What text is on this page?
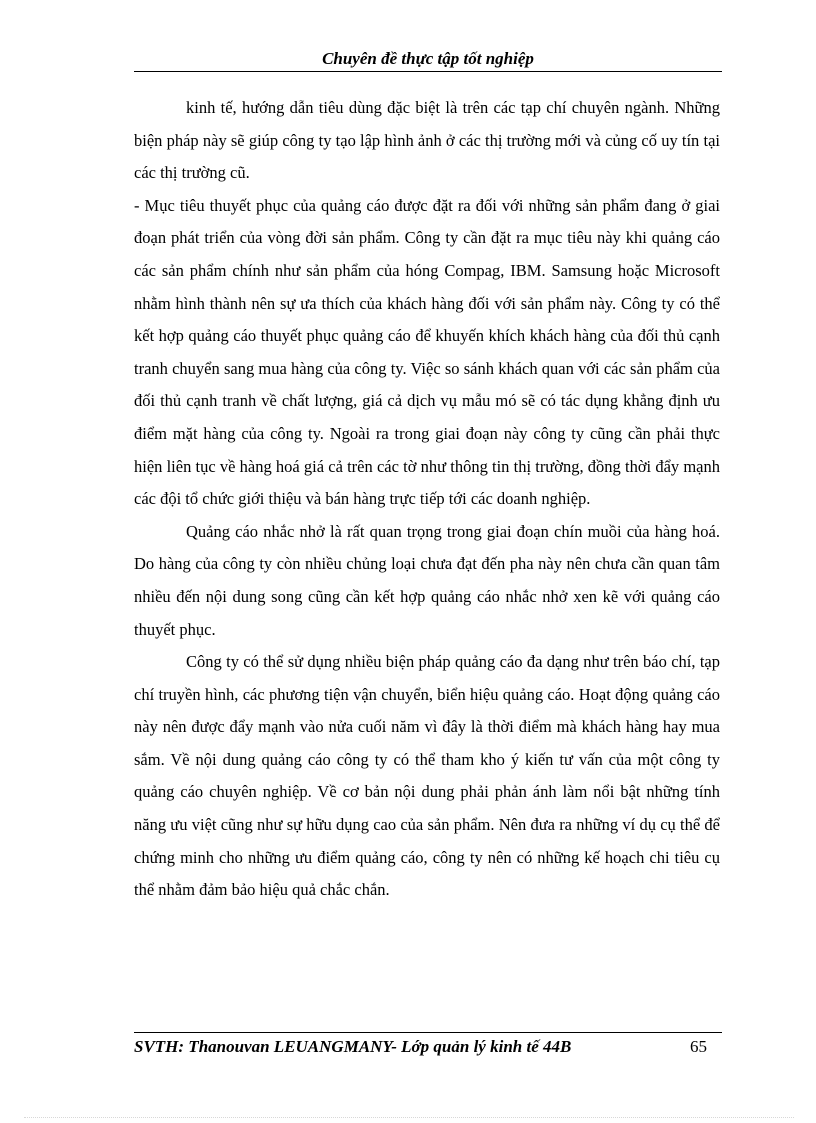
Chuyên đề thực tập tốt nghiệp

kinh tế, hướng dẫn tiêu dùng đặc biệt là trên các tạp chí chuyên ngành. Những biện pháp này sẽ giúp công ty tạo lập hình ảnh ở các thị trường mới và củng cố uy tín tại các thị trường cũ.

- Mục tiêu thuyết phục của quảng cáo được đặt ra đối với những sản phẩm đang ở giai đoạn phát triển của vòng đời sản phẩm. Công ty cần đặt ra mục tiêu này khi quảng cáo các sản phẩm chính như sản phẩm của hóng Compag, IBM. Samsung hoặc Microsoft nhằm hình thành nên sự ưa thích của khách hàng đối với sản phẩm này. Công ty có thể kết hợp quảng cáo thuyết phục quảng cáo để khuyến khích khách hàng của đối thủ cạnh tranh chuyển sang mua hàng của công ty. Việc so sánh khách quan với các sản phẩm của đối thủ cạnh tranh về chất lượng, giá cả dịch vụ mẫu mó sẽ có tác dụng khẳng định ưu điểm mặt hàng của công ty. Ngoài ra trong giai đoạn này công ty cũng cần phải thực hiện liên tục về hàng hoá giá cả trên các tờ như thông tin thị trường, đồng thời đẩy mạnh các đội tổ chức giới thiệu và bán hàng trực tiếp tới các doanh nghiệp.

Quảng cáo nhắc nhở là rất quan trọng trong giai đoạn chín muồi của hàng hoá. Do hàng của công ty còn nhiều chủng loại chưa đạt đến pha này nên chưa cần quan tâm nhiều đến nội dung song cũng cần kết hợp quảng cáo nhắc nhở xen kẽ với quảng cáo thuyết phục.

Công ty có thể sử dụng nhiều biện pháp quảng cáo đa dạng như trên báo chí, tạp chí truyền hình, các phương tiện vận chuyển, biển hiệu quảng cáo. Hoạt động quảng cáo này nên được đẩy mạnh vào nửa cuối năm vì đây là thời điểm mà khách hàng hay mua sắm. Về nội dung quảng cáo công ty có thể tham kho ý kiến tư vấn của một công ty quảng cáo chuyên nghiệp. Về cơ bản nội dung phải phản ánh làm nổi bật những tính năng ưu việt cũng như sự hữu dụng cao của sản phẩm. Nên đưa ra những ví dụ cụ thể để chứng minh cho những ưu điểm quảng cáo, công ty nên có những kế hoạch chi tiêu cụ thể nhằm đảm bảo hiệu quả chắc chắn.

SVTH: Thanouvan LEUANGMANY- Lớp quản lý kinh tế 44B	65
